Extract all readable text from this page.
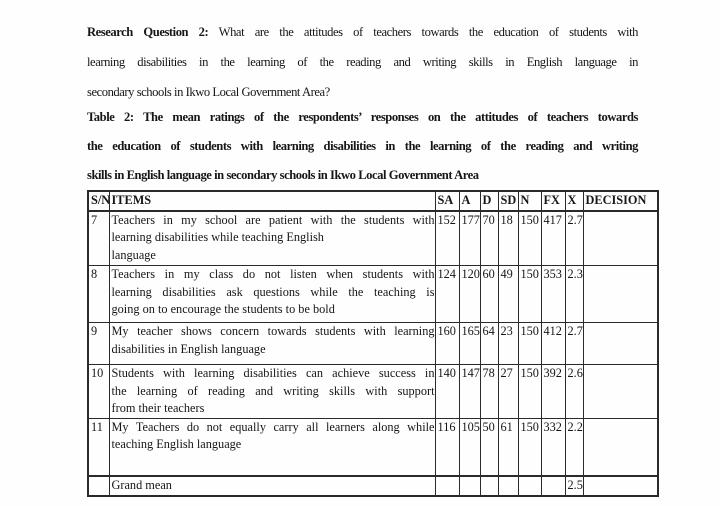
Research Question 2: What are the attitudes of teachers towards the education of students with
learning disabilities in the learning of the reading and writing skills in English language in
secondary schools in Ikwo Local Government Area?
Table 2: The mean ratings of the respondents’ responses on the attitudes of teachers towards
the education of students with learning disabilities in the learning of the reading and writing
skills in English language in secondary schools in Ikwo Local Government Area
S/N	ITEMS	SA	A	D	SD	N	FX	X	DECISION
7	Teachers in my school are patient with the students with
learning disabilities while teaching English
language	152	177	70	18	150	417	2.7	
8	Teachers in my class do not listen when students with
learning disabilities ask questions while the teaching is
going on to encourage the students to be bold	124	120	60	49	150	353	2.3	
9	My teacher shows concern towards students with learning
disabilities in English language	160	165	64	23	150	412	2.7	
10	Students with learning disabilities can achieve success in
the learning of reading and writing skills with support
from their teachers	140	147	78	27	150	392	2.6	
11	My Teachers do not equally carry all learners along while
teaching English language	116	105	50	61	150	332	2.2	

	Grand mean							2.5	
